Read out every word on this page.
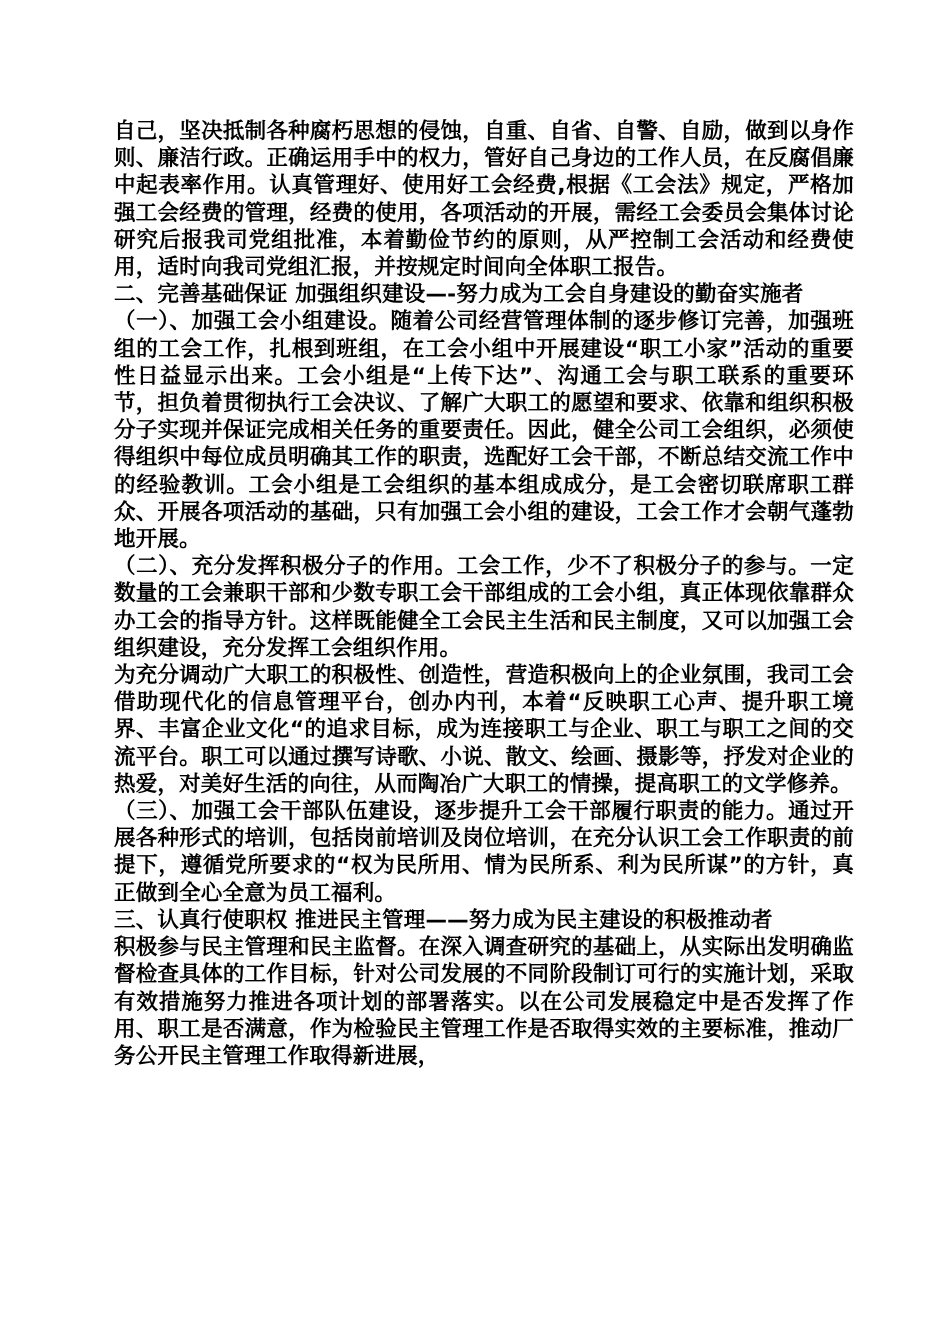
自己，坚决抵制各种腐朽思想的侵蚀，自重、自省、自警、自励，做到以身作则、廉洁行政。正确运用手中的权力，管好自己身边的工作人员，在反腐倡廉中起表率作用。认真管理好、使用好工会经费,根据《工会法》规定，严格加强工会经费的管理，经费的使用，各项活动的开展，需经工会委员会集体讨论研究后报我司党组批准，本着勤俭节约的原则，从严控制工会活动和经费使用，适时向我司党组汇报，并按规定时间向全体职工报告。

二、完善基础保证 加强组织建设—-努力成为工会自身建设的勤奋实施者

（一）、加强工会小组建设。随着公司经营管理体制的逐步修订完善，加强班组的工会工作，扎根到班组，在工会小组中开展建设“职工小家”活动的重要性日益显示出来。工会小组是“上传下达”、沟通工会与职工联系的重要环节，担负着贯彻执行工会决议、了解广大职工的愿望和要求、依靠和组织积极分子实现并保证完成相关任务的重要责任。因此，健全公司工会组织，必须使得组织中每位成员明确其工作的职责，选配好工会干部，不断总结交流工作中的经验教训。工会小组是工会组织的基本组成成分，是工会密切联席职工群众、开展各项活动的基础，只有加强工会小组的建设，工会工作才会朝气蓬勃地开展。

（二）、充分发挥积极分子的作用。工会工作，少不了积极分子的参与。一定数量的工会兼职干部和少数专职工会干部组成的工会小组，真正体现依靠群众办工会的指导方针。这样既能健全工会民主生活和民主制度，又可以加强工会组织建设，充分发挥工会组织作用。

为充分调动广大职工的积极性、创造性，营造积极向上的企业氛围，我司工会借助现代化的信息管理平台，创办内刊，本着“反映职工心声、提升职工境界、丰富企业文化“的追求目标，成为连接职工与企业、职工与职工之间的交流平台。职工可以通过撰写诗歌、小说、散文、绘画、摄影等，抒发对企业的热爱，对美好生活的向往，从而陶冶广大职工的情操，提高职工的文学修养。

（三）、加强工会干部队伍建设，逐步提升工会干部履行职责的能力。通过开展各种形式的培训，包括岗前培训及岗位培训，在充分认识工会工作职责的前提下，遵循党所要求的“权为民所用、情为民所系、利为民所谋”的方针，真正做到全心全意为员工福利。

三、认真行使职权 推进民主管理——努力成为民主建设的积极推动者

积极参与民主管理和民主监督。在深入调查研究的基础上，从实际出发明确监督检查具体的工作目标，针对公司发展的不同阶段制订可行的实施计划，采取有效措施努力推进各项计划的部署落实。以在公司发展稳定中是否发挥了作用、职工是否满意，作为检验民主管理工作是否取得实效的主要标准，推动厂务公开民主管理工作取得新进展，
